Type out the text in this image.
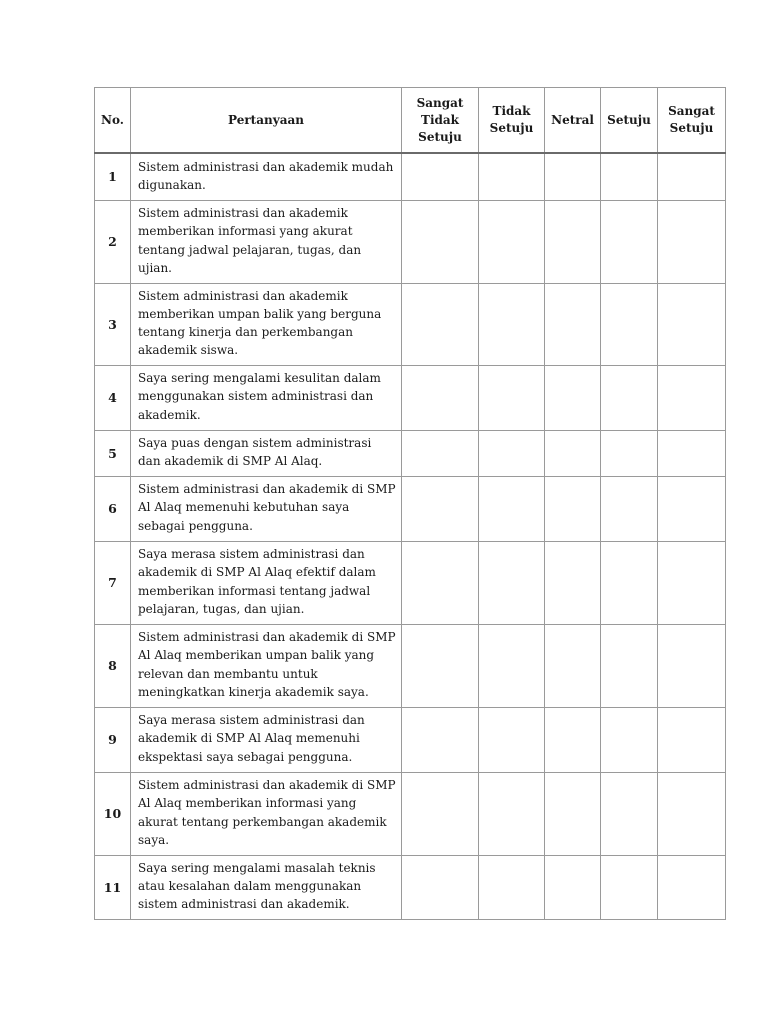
No.	Pertanyaan	Sangat Tidak Setuju	Tidak Setuju	Netral	Setuju	Sangat Setuju
1	Sistem administrasi dan akademik mudah digunakan.					
2	Sistem administrasi dan akademik memberikan informasi yang akurat tentang jadwal pelajaran, tugas, dan ujian.					
3	Sistem administrasi dan akademik memberikan umpan balik yang berguna tentang kinerja dan perkembangan akademik siswa.					
4	Saya sering mengalami kesulitan dalam menggunakan sistem administrasi dan akademik.					
5	Saya puas dengan sistem administrasi dan akademik di SMP Al Alaq.					
6	Sistem administrasi dan akademik di SMP Al Alaq memenuhi kebutuhan saya sebagai pengguna.					
7	Saya merasa sistem administrasi dan akademik di SMP Al Alaq efektif dalam memberikan informasi tentang jadwal pelajaran, tugas, dan ujian.					
8	Sistem administrasi dan akademik di SMP Al Alaq memberikan umpan balik yang relevan dan membantu untuk meningkatkan kinerja akademik saya.					
9	Saya merasa sistem administrasi dan akademik di SMP Al Alaq memenuhi ekspektasi saya sebagai pengguna.					
10	Sistem administrasi dan akademik di SMP Al Alaq memberikan informasi yang akurat tentang perkembangan akademik saya.					
11	Saya sering mengalami masalah teknis atau kesalahan dalam menggunakan sistem administrasi dan akademik.					
